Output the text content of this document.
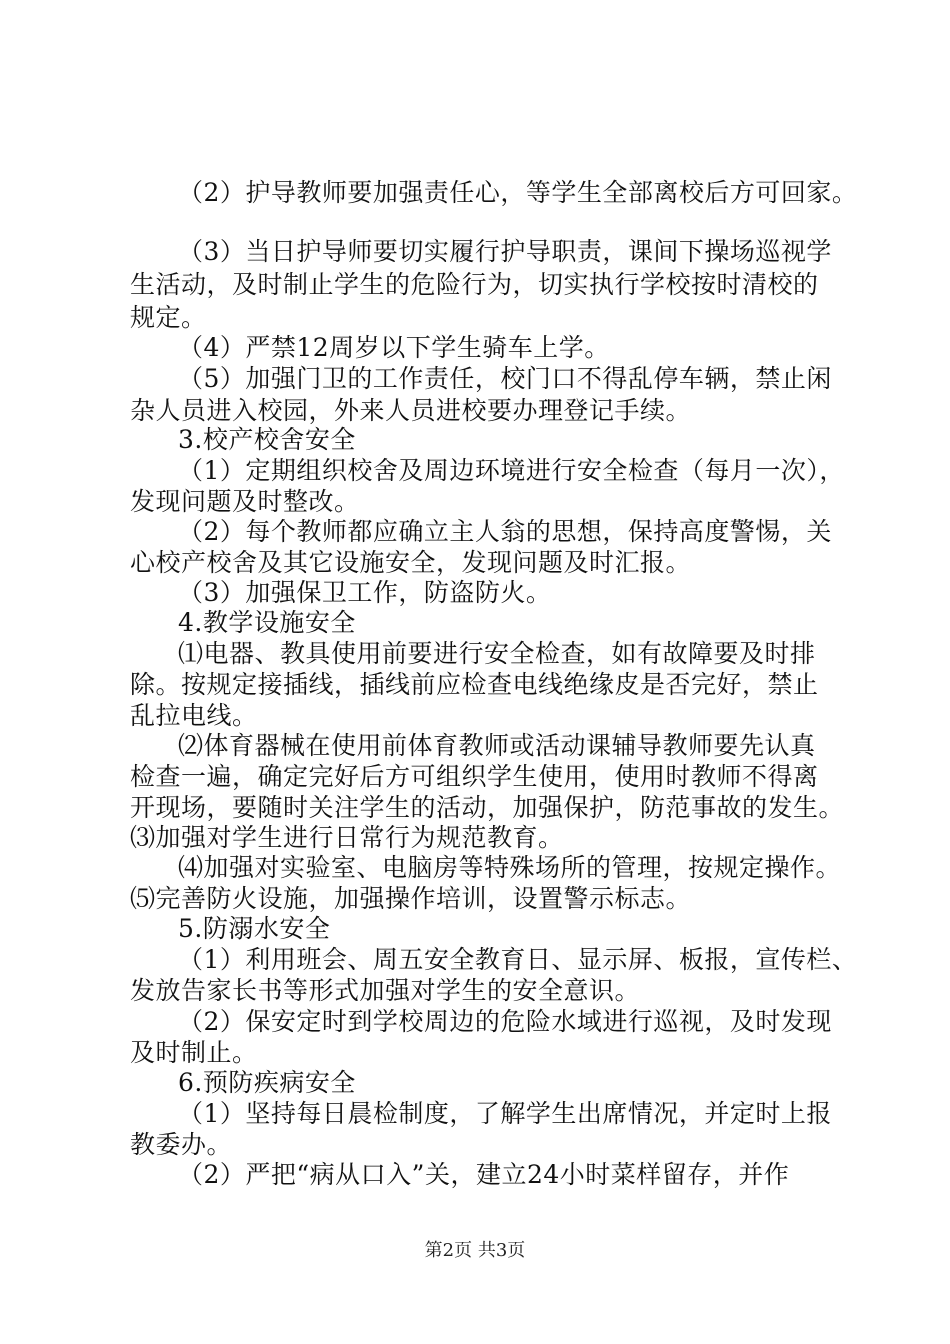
（2）护导教师要加强责任心，等学生全部离校后方可回家。
（3）当日护导师要切实履行护导职责，课间下操场巡视学
生活动，及时制止学生的危险行为，切实执行学校按时清校的
规定。
（4）严禁12周岁以下学生骑车上学。
（5）加强门卫的工作责任，校门口不得乱停车辆，禁止闲
杂人员进入校园，外来人员进校要办理登记手续。
3.校产校舍安全
（1）定期组织校舍及周边环境进行安全检查（每月一次），
发现问题及时整改。
（2）每个教师都应确立主人翁的思想，保持高度警惕，关
心校产校舍及其它设施安全，发现问题及时汇报。
（3）加强保卫工作，防盗防火。
4.教学设施安全
⑴电器、教具使用前要进行安全检查，如有故障要及时排
除。按规定接插线，插线前应检查电线绝缘皮是否完好，禁止
乱拉电线。
⑵体育器械在使用前体育教师或活动课辅导教师要先认真
检查一遍，确定完好后方可组织学生使用，使用时教师不得离
开现场，要随时关注学生的活动，加强保护，防范事故的发生。
⑶加强对学生进行日常行为规范教育。
⑷加强对实验室、电脑房等特殊场所的管理，按规定操作。
⑸完善防火设施，加强操作培训，设置警示标志。
5.防溺水安全
（1）利用班会、周五安全教育日、显示屏、板报，宣传栏、
发放告家长书等形式加强对学生的安全意识。
（2）保安定时到学校周边的危险水域进行巡视，及时发现
及时制止。
6.预防疾病安全
（1）坚持每日晨检制度，了解学生出席情况，并定时上报
教委办。
（2）严把“病从口入”关，建立24小时菜样留存，并作
第2页 共3页
